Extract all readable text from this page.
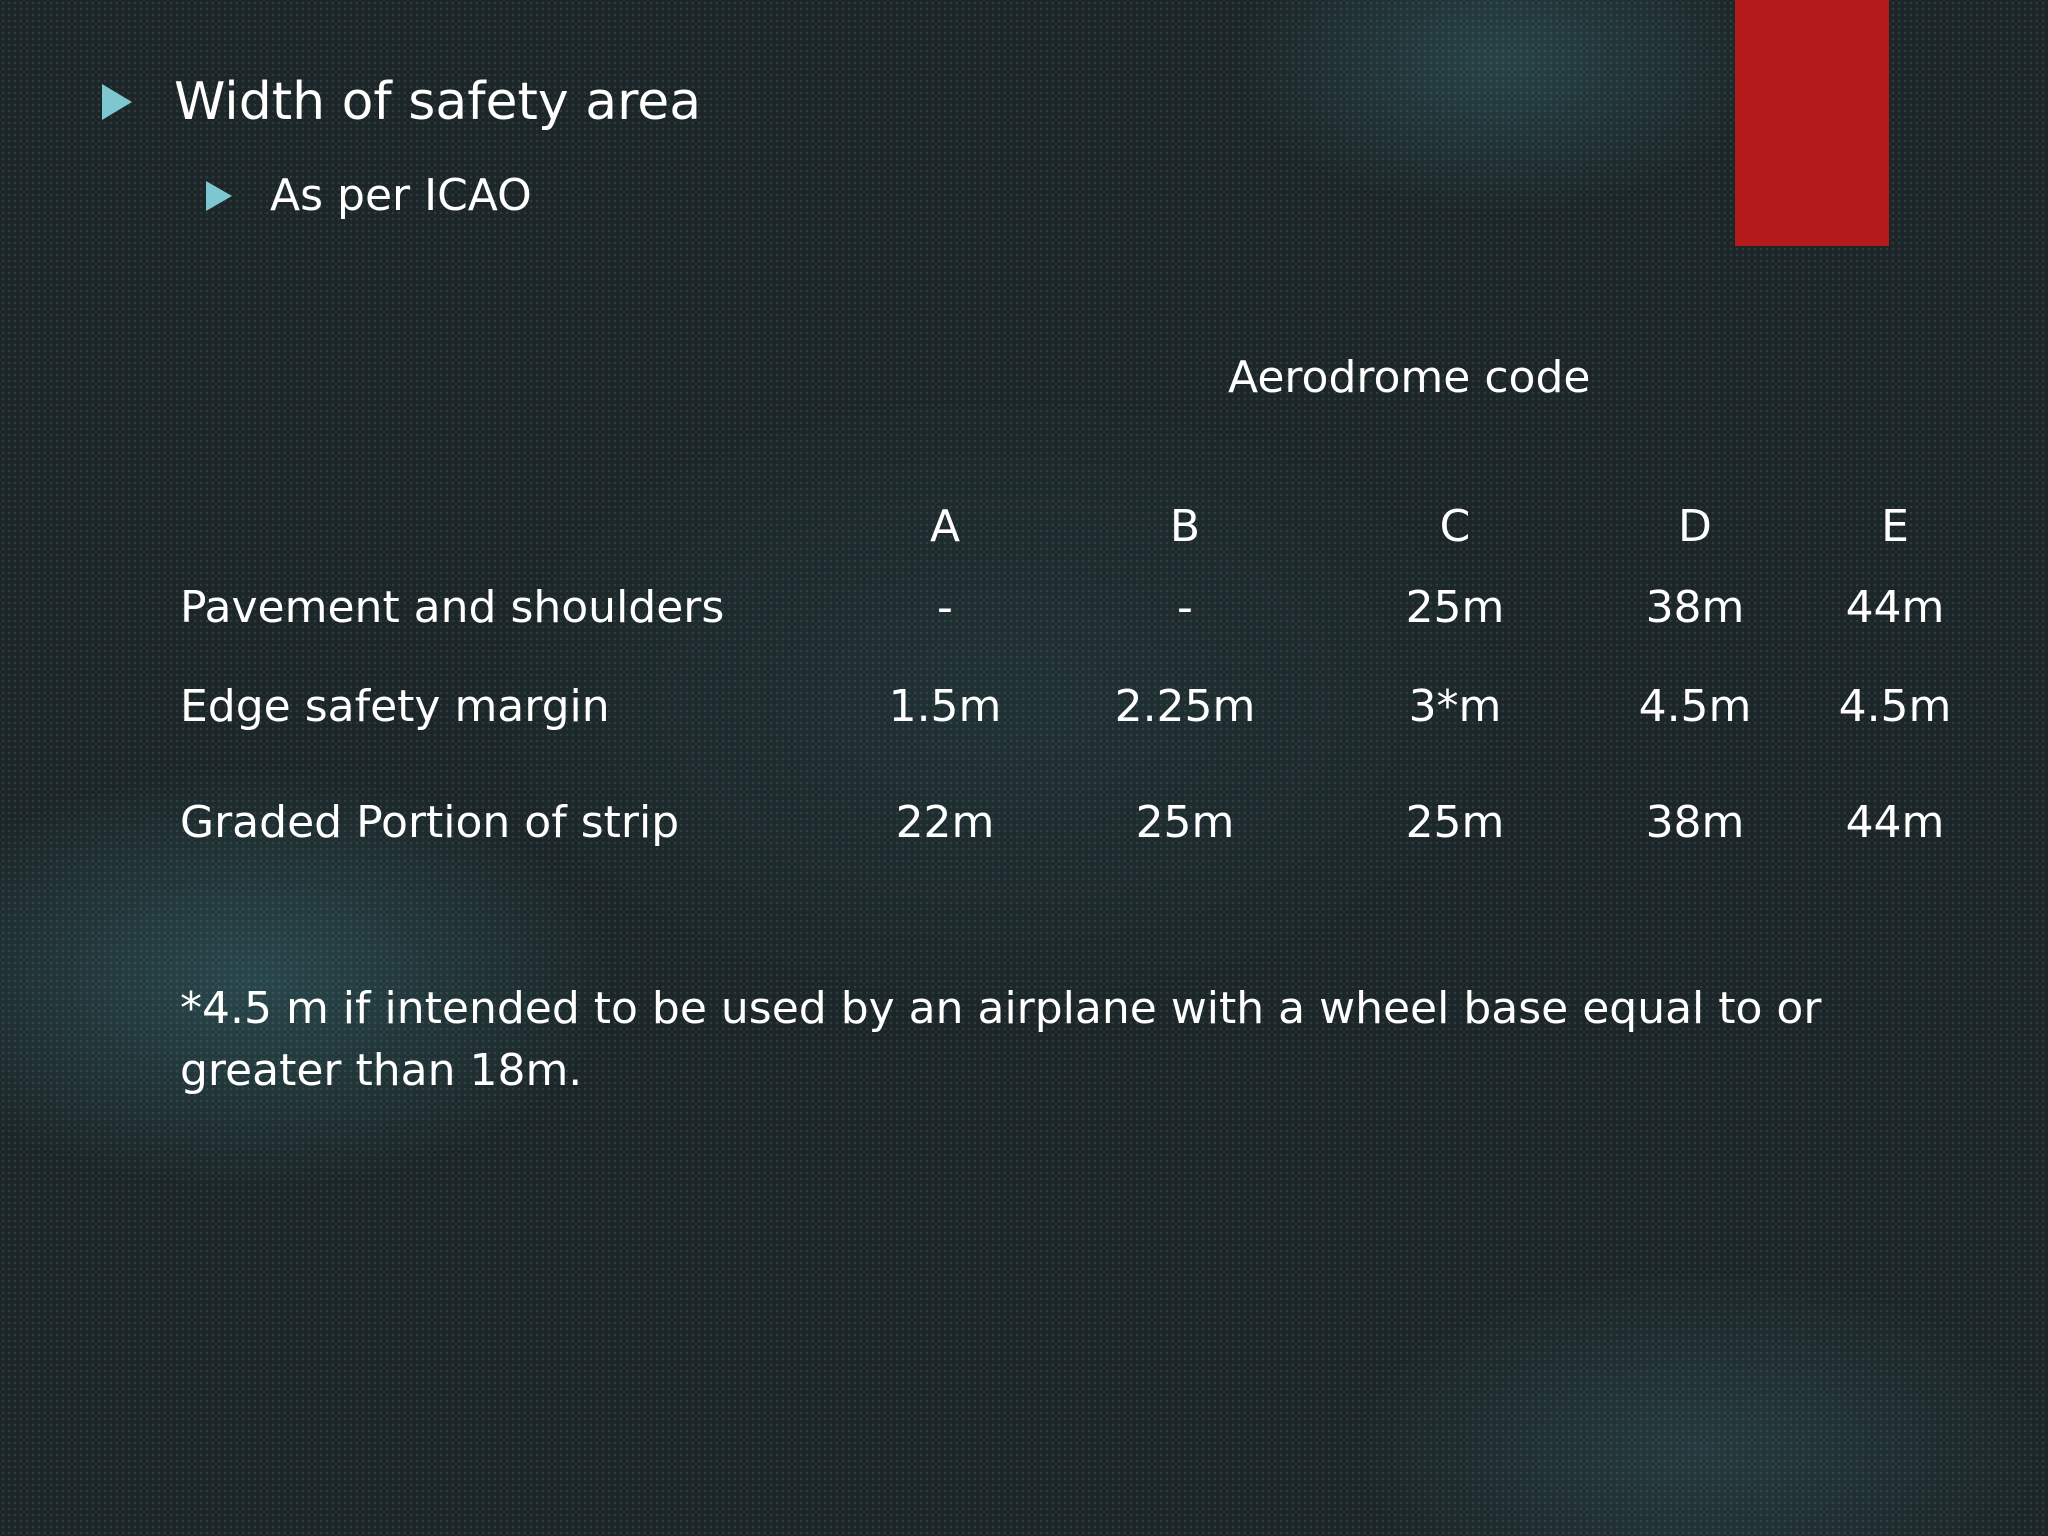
Width of safety area
As per ICAO
Aerodrome code
	A	B	C	D	E
Pavement and shoulders	-	-	25m	38m	44m
Edge safety margin	1.5m	2.25m	3*m	4.5m	4.5m
Graded Portion of strip	22m	25m	25m	38m	44m
*4.5 m if intended to be used by an airplane with a wheel base equal to or greater than 18m.
